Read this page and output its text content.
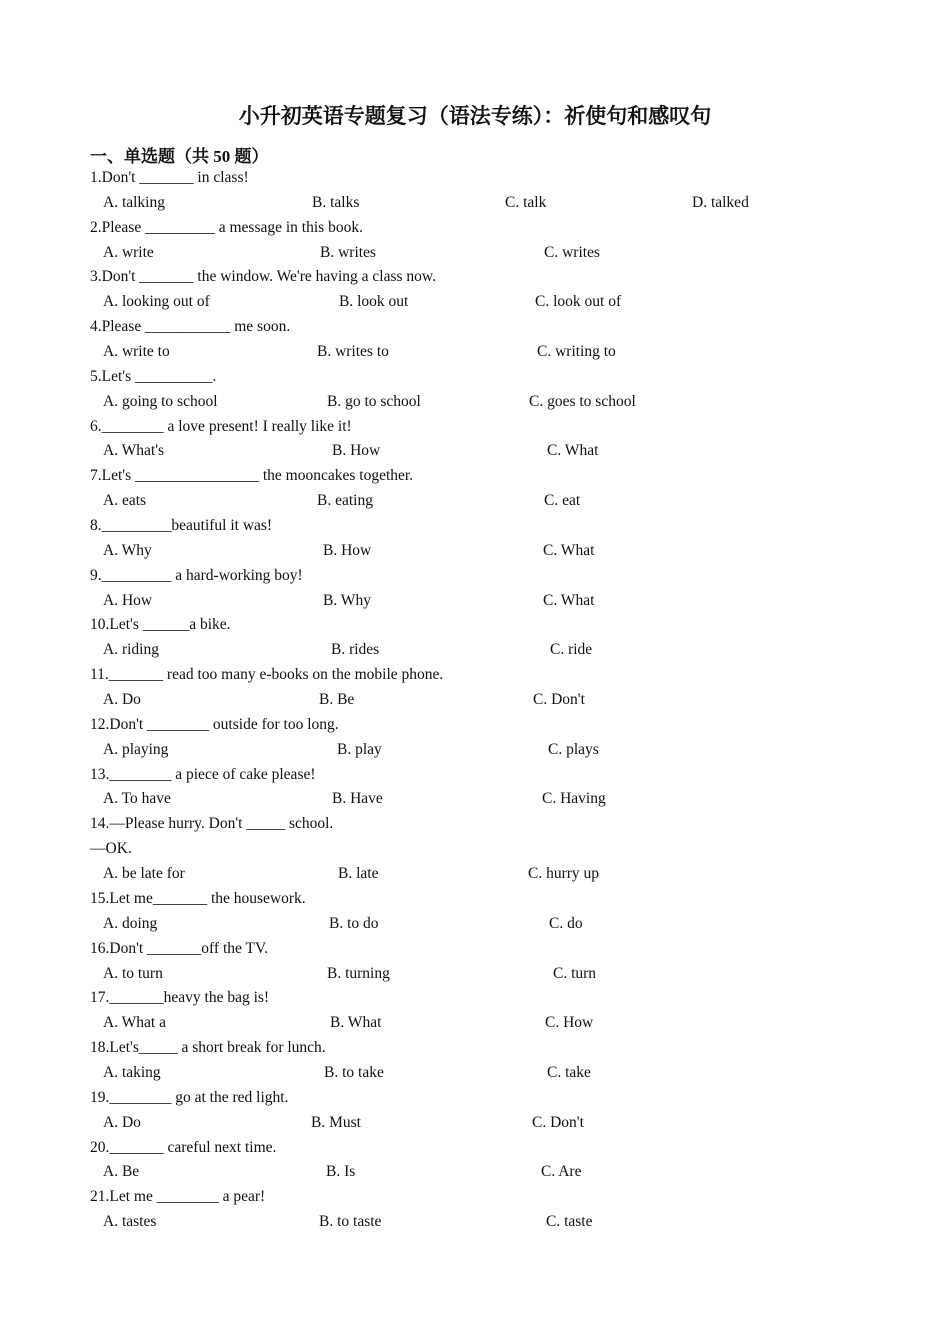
小升初英语专题复习（语法专练）：祈使句和感叹句
一、单选题（共 50 题）
1.Don't _______ in class!
A. talking	B. talks	C. talk	D. talked
2.Please _________ a message in this book.
A. write	B. writes	C. writes
3.Don't _______ the window. We're having a class now.
A. looking out of	B. look out	C. look out of
4.Please ___________ me soon.
A. write to	B. writes to	C. writing to
5.Let's __________.
A. going to school	B. go to school	C. goes to school
6.________ a love present! I really like it!
A. What's	B. How	C. What
7.Let's ________________ the mooncakes together.
A. eats	B. eating	C. eat
8._________beautiful it was!
A. Why	B. How	C. What
9._________ a hard-working boy!
A. How	B. Why	C. What
10.Let's ______a bike.
A. riding	B. rides	C. ride
11._______ read too many e-books on the mobile phone.
A. Do	B. Be	C. Don't
12.Don't ________ outside for too long.
A. playing	B. play	C. plays
13.________ a piece of cake please!
A. To have	B. Have	C. Having
14.—Please hurry. Don't _____ school.
—OK.
A. be late for	B. late	C. hurry up
15.Let me_______ the housework.
A. doing	B. to do	C. do
16.Don't _______off the TV.
A. to turn	B. turning	C. turn
17._______heavy the bag is!
A. What a	B. What	C. How
18.Let's_____ a short break for lunch.
A. taking	B. to take	C. take
19.________ go at the red light.
A. Do	B. Must	C. Don't
20._______ careful next time.
A. Be	B. Is	C. Are
21.Let me ________ a pear!
A. tastes	B. to taste	C. taste
